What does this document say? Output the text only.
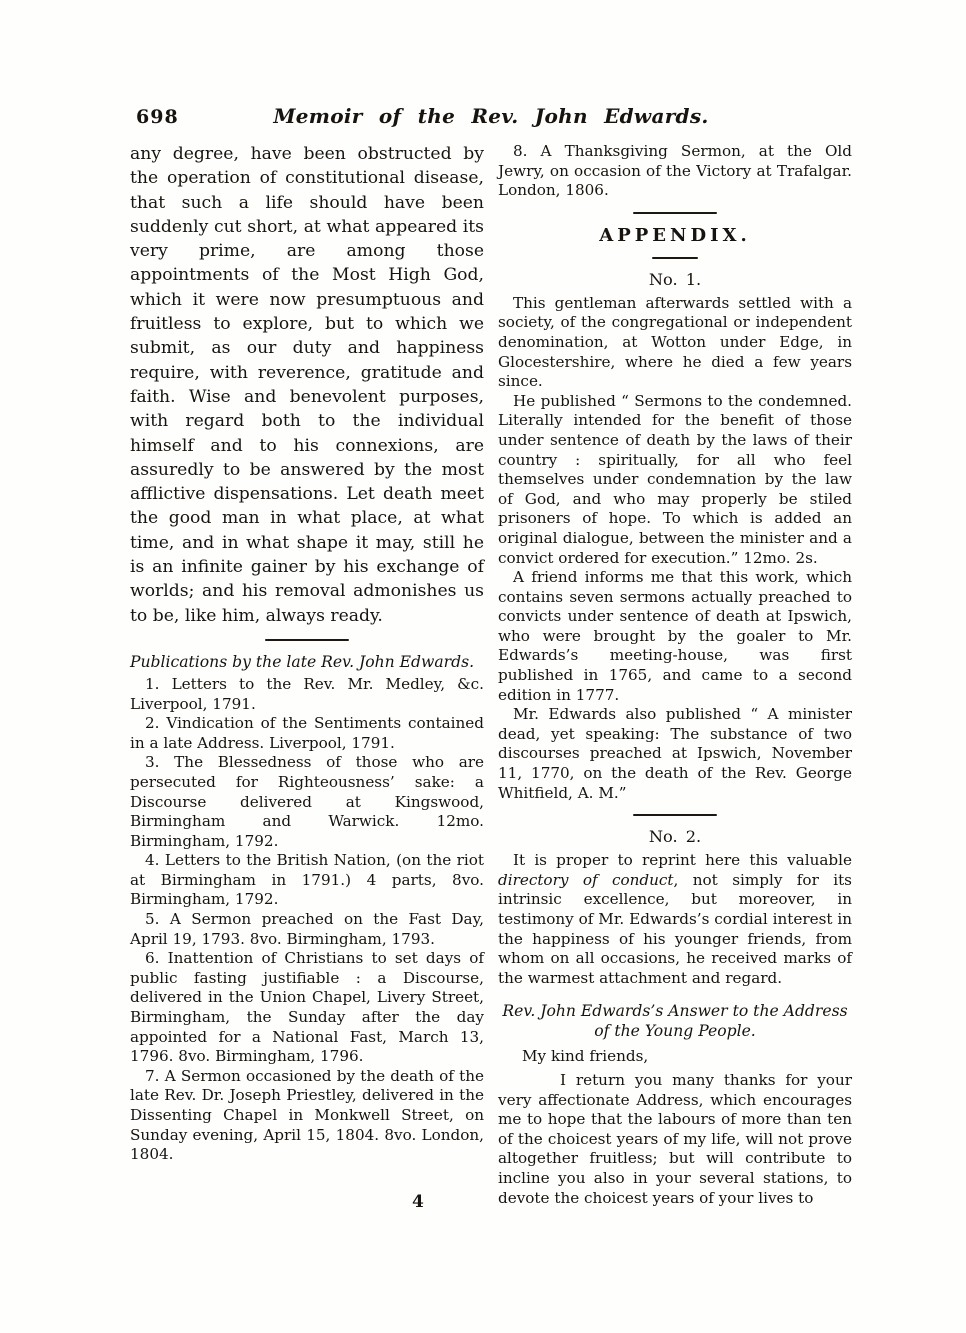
698	Memoir of the Rev. John Edwards.

any degree, have been obstructed by the operation of constitutional disease, that such a life should have been suddenly cut short, at what appeared its very prime, are among those appointments of the Most High God, which it were now presumptuous and fruitless to explore, but to which we submit, as our duty and happiness require, with reverence, gratitude and faith. Wise and benevolent purposes, with regard both to the individual himself and to his connexions, are assuredly to be answered by the most afflictive dispensations. Let death meet the good man in what place, at what time, and in what shape it may, still he is an infinite gainer by his exchange of worlds; and his removal admonishes us to be, like him, always ready.

Publications by the late Rev. John Edwards.

1. Letters to the Rev. Mr. Medley, &c. Liverpool, 1791.

2. Vindication of the Sentiments contained in a late Address. Liverpool, 1791.

3. The Blessedness of those who are persecuted for Righteousness’ sake: a Discourse delivered at Kingswood, Birmingham and Warwick. 12mo. Birmingham, 1792.

4. Letters to the British Nation, (on the riot at Birmingham in 1791.) 4 parts, 8vo. Birmingham, 1792.

5. A Sermon preached on the Fast Day, April 19, 1793. 8vo. Birmingham, 1793.

6. Inattention of Christians to set days of public fasting justifiable : a Discourse, delivered in the Union Chapel, Livery Street, Birmingham, the Sunday after the day appointed for a National Fast, March 13, 1796. 8vo. Birmingham, 1796.

7. A Sermon occasioned by the death of the late Rev. Dr. Joseph Priestley, delivered in the Dissenting Chapel in Monkwell Street, on Sunday evening, April 15, 1804. 8vo. London, 1804.

8. A Thanksgiving Sermon, at the Old Jewry, on occasion of the Victory at Trafalgar. London, 1806.

APPENDIX.
No. 1.

This gentleman afterwards settled with a society, of the congregational or independent denomination, at Wotton under Edge, in Glocestershire, where he died a few years since.

He published “ Sermons to the condemned. Literally intended for the benefit of those under sentence of death by the laws of their country : spiritually, for all who feel themselves under condemnation by the law of God, and who may properly be stiled prisoners of hope. To which is added an original dialogue, between the minister and a convict ordered for execution.” 12mo. 2s.

A friend informs me that this work, which contains seven sermons actually preached to convicts under sentence of death at Ipswich, who were brought by the goaler to Mr. Edwards’s meeting-house, was first published in 1765, and came to a second edition in 1777.

Mr. Edwards also published “ A minister dead, yet speaking: The substance of two discourses preached at Ipswich, November 11, 1770, on the death of the Rev. George Whitfield, A. M.”

No. 2.

It is proper to reprint here this valuable directory of conduct, not simply for its intrinsic excellence, but moreover, in testimony of Mr. Edwards’s cordial interest in the happiness of his younger friends, from whom on all occasions, he received marks of the warmest attachment and regard.

Rev. John Edwards’s Answer to the Address of the Young People.

My kind friends,

I return you many thanks for your very affectionate Address, which encourages me to hope that the labours of more than ten of the choicest years of my life, will not prove altogether fruitless; but will contribute to incline you also in your several stations, to devote the choicest years of your lives to

4
